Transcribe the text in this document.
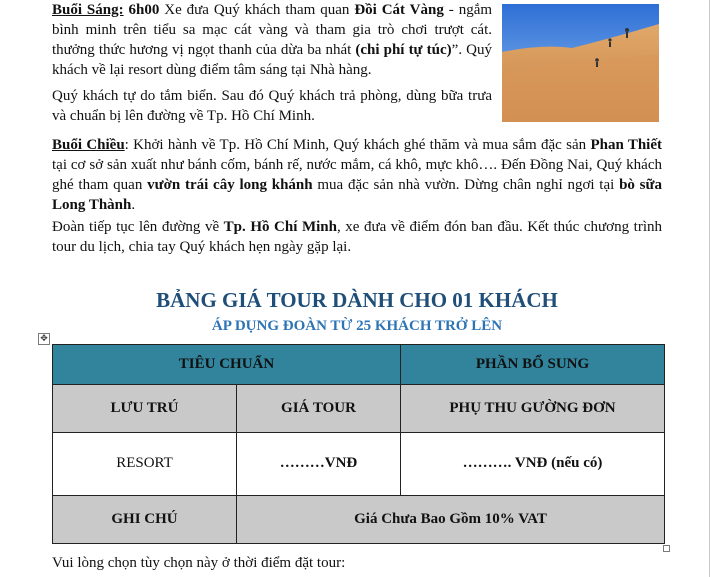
Buổi Sáng: 6h00 Xe đưa Quý khách tham quan Đồi Cát Vàng - ngắm bình minh trên tiểu sa mạc cát vàng và tham gia trò chơi trượt cát. thưởng thức hương vị ngọt thanh của dừa ba nhát (chi phí tự túc)”. Quý khách về lại resort dùng điểm tâm sáng tại Nhà hàng.

Quý khách tự do tắm biển. Sau đó Quý khách trả phòng, dùng bữa trưa và chuẩn bị lên đường về Tp. Hồ Chí Minh.

Buổi Chiều: Khởi hành về Tp. Hồ Chí Minh, Quý khách ghé thăm và mua sắm đặc sản Phan Thiết tại cơ sở sản xuất như bánh cốm, bánh rế, nước mắm, cá khô, mực khô…. Đến Đồng Nai, Quý khách ghé tham quan vườn trái cây long khánh mua đặc sản nhà vườn. Dừng chân nghỉ ngơi tại bò sữa Long Thành.

Đoàn tiếp tục lên đường về Tp. Hồ Chí Minh, xe đưa về điểm đón ban đầu. Kết thúc chương trình tour du lịch, chia tay Quý khách hẹn ngày gặp lại.

BẢNG GIÁ TOUR DÀNH CHO 01 KHÁCH
ÁP DỤNG ĐOÀN TỪ 25 KHÁCH TRỞ LÊN
✥
TIÊU CHUẨN		PHẦN BỔ SUNG
LƯU TRÚ	GIÁ TOUR	PHỤ THU GƯỜNG ĐƠN
RESORT	………VNĐ	………. VNĐ (nếu có)
GHI CHÚ	Giá Chưa Bao Gồm 10% VAT	

Vui lòng chọn tùy chọn này ở thời điểm đặt tour:
